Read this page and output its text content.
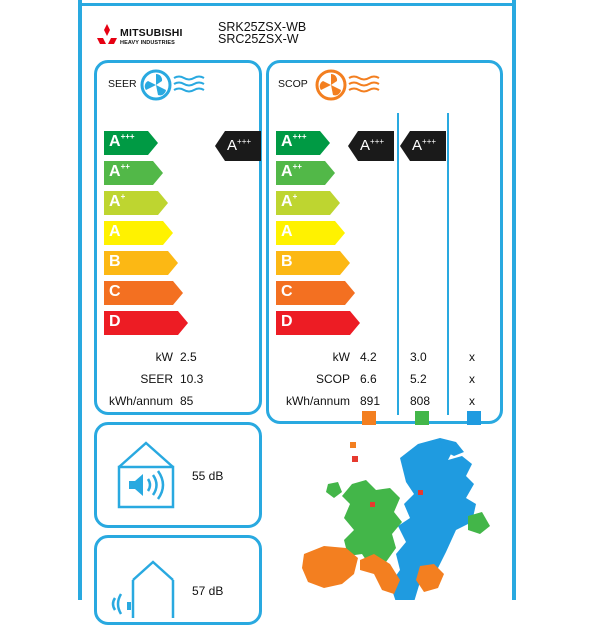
MITSUBISHI
HEAVY INDUSTRIES
SRK25ZSX-WB
SRC25ZSX-W
SEER
A+++
A++
A+
A
B
C
D
A+++
kW 2.5
SEER 10.3
kWh/annum 85
SCOP
A+++
A++
A+
A
B
C
D
A+++ A+++
kW
SCOP
kWh/annum
4.2
6.6
891
3.0
5.2
808
x
x
x
55 dB
57 dB
